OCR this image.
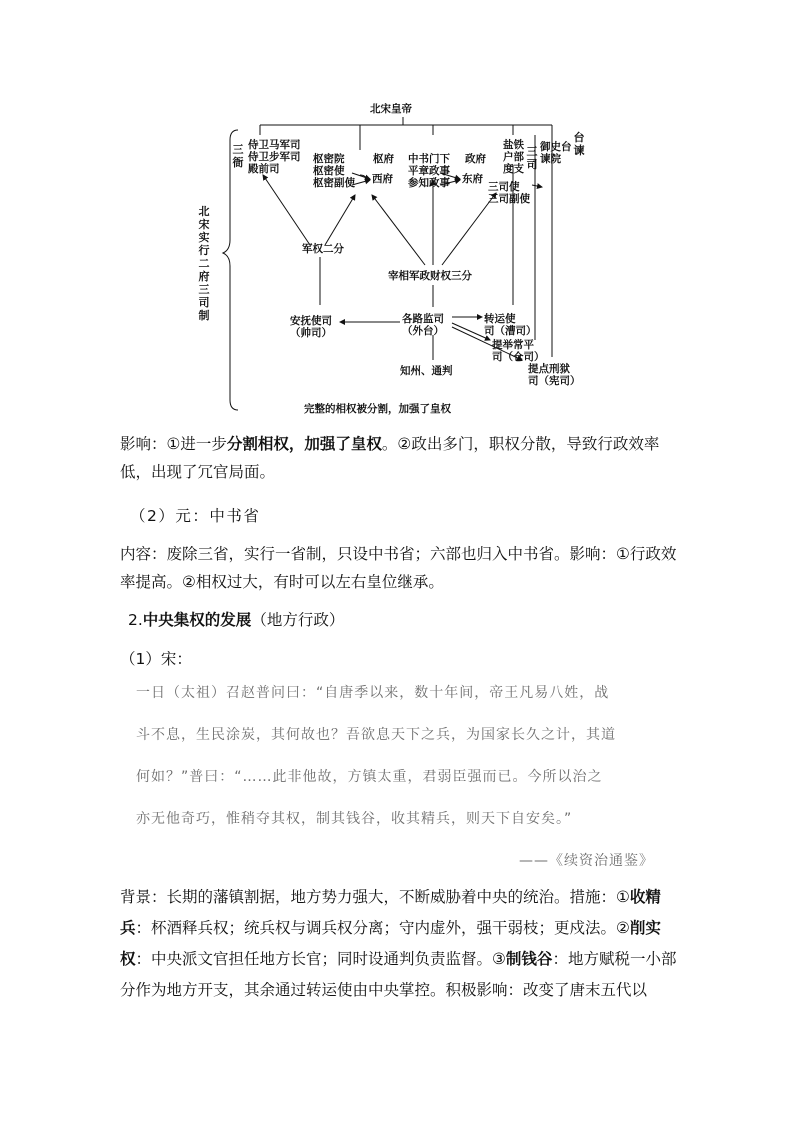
北宋皇帝
北宋实行二府三司制
三衙
侍卫马军司
侍卫步军司
殿前司
枢密院
枢密使
枢密副使
枢府
西府
中书门下
平章政事
参知政事
政府
东府
盐铁
户部
度支
三司
三司使
三司副使
御史台
谏院
台谏
军权二分
宰相军政财权三分
安抚使司
（帅司）
各路监司
（外台）
转运使
司（漕司）
提举常平
司（仓司）
提点刑狱
司（宪司）
知州、通判
完整的相权被分割，加强了皇权
影响：①进一步分割相权，加强了皇权。②政出多门，职权分散，导致行政效率低，出现了冗官局面。
（2）元：中书省
内容：废除三省，实行一省制，只设中书省；六部也归入中书省。影响：①行政效率提高。②相权过大，有时可以左右皇位继承。
2.中央集权的发展（地方行政）
（1）宋：
一日（太祖）召赵普问曰：“自唐季以来，数十年间，帝王凡易八姓，战
斗不息，生民涂炭，其何故也？吾欲息天下之兵，为国家长久之计，其道
何如？”普曰：“……此非他故，方镇太重，君弱臣强而已。今所以治之
亦无他奇巧，惟稍夺其权，制其钱谷，收其精兵，则天下自安矣。”
——《续资治通鉴》
背景：长期的藩镇割据，地方势力强大，不断威胁着中央的统治。措施：①收精兵：杯酒释兵权；统兵权与调兵权分离；守内虚外，强干弱枝；更戍法。②削实权：中央派文官担任地方长官；同时设通判负责监督。③制钱谷：地方赋税一小部分作为地方开支，其余通过转运使由中央掌控。积极影响：改变了唐末五代以
